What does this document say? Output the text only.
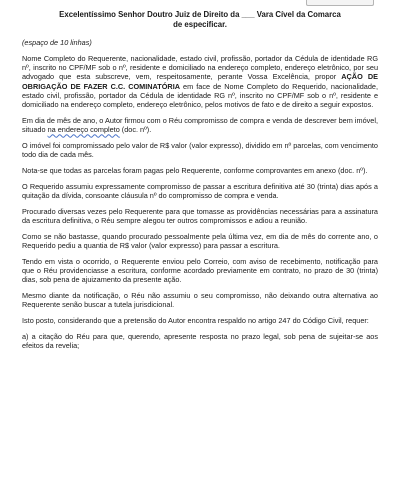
Excelentíssimo Senhor Doutro Juiz de Direito da ___ Vara Cível da Comarca
de especificar.

(espaço de 10 linhas)

Nome Completo do Requerente, nacionalidade, estado civil, profissão, portador da Cédula de identidade RG nº, inscrito no CPF/MF sob o nº, residente e domiciliado na endereço completo, endereço eletrônico, por seu advogado que esta subscreve, vem, respeitosamente, perante Vossa Excelência, propor AÇÃO DE OBRIGAÇÃO DE FAZER C.C. COMINATÓRIA em face de Nome Completo do Requerido, nacionalidade, estado civil, profissão, portador da Cédula de identidade RG nº, inscrito no CPF/MF sob o nº, residente e domiciliado na endereço completo, endereço eletrônico, pelos motivos de fato e de direito a seguir expostos.

Em dia de mês de ano, o Autor firmou com o Réu compromisso de compra e venda de descrever bem imóvel, situado na endereço completo (doc. nº).

O imóvel foi compromissado pelo valor de R$ valor (valor expresso), dividido em nº parcelas, com vencimento todo dia de cada mês.

Nota-se que todas as parcelas foram pagas pelo Requerente, conforme comprovantes em anexo (doc. nº).

O Requerido assumiu expressamente compromisso de passar a escritura definitiva até 30 (trinta) dias após a quitação da dívida, consoante cláusula nº do compromisso de compra e venda.

Procurado diversas vezes pelo Requerente para que tomasse as providências necessárias para a assinatura da escritura definitiva, o Réu sempre alegou ter outros compromissos e adiou a reunião.

Como se não bastasse, quando procurado pessoalmente pela última vez, em dia de mês do corrente ano, o Requerido pediu a quantia de R$ valor (valor expresso) para passar a escritura.

Tendo em vista o ocorrido, o Requerente enviou pelo Correio, com aviso de recebimento, notificação para que o Réu providenciasse a escritura, conforme acordado previamente em contrato, no prazo de 30 (trinta) dias, sob pena de ajuizamento da presente ação.

Mesmo diante da notificação, o Réu não assumiu o seu compromisso, não deixando outra alternativa ao Requerente senão buscar a tutela jurisdicional.

Isto posto, considerando que a pretensão do Autor encontra respaldo no artigo 247 do Código Civil, requer:

a) a citação do Réu para que, querendo, apresente resposta no prazo legal, sob pena de sujeitar-se aos efeitos da revelia;
